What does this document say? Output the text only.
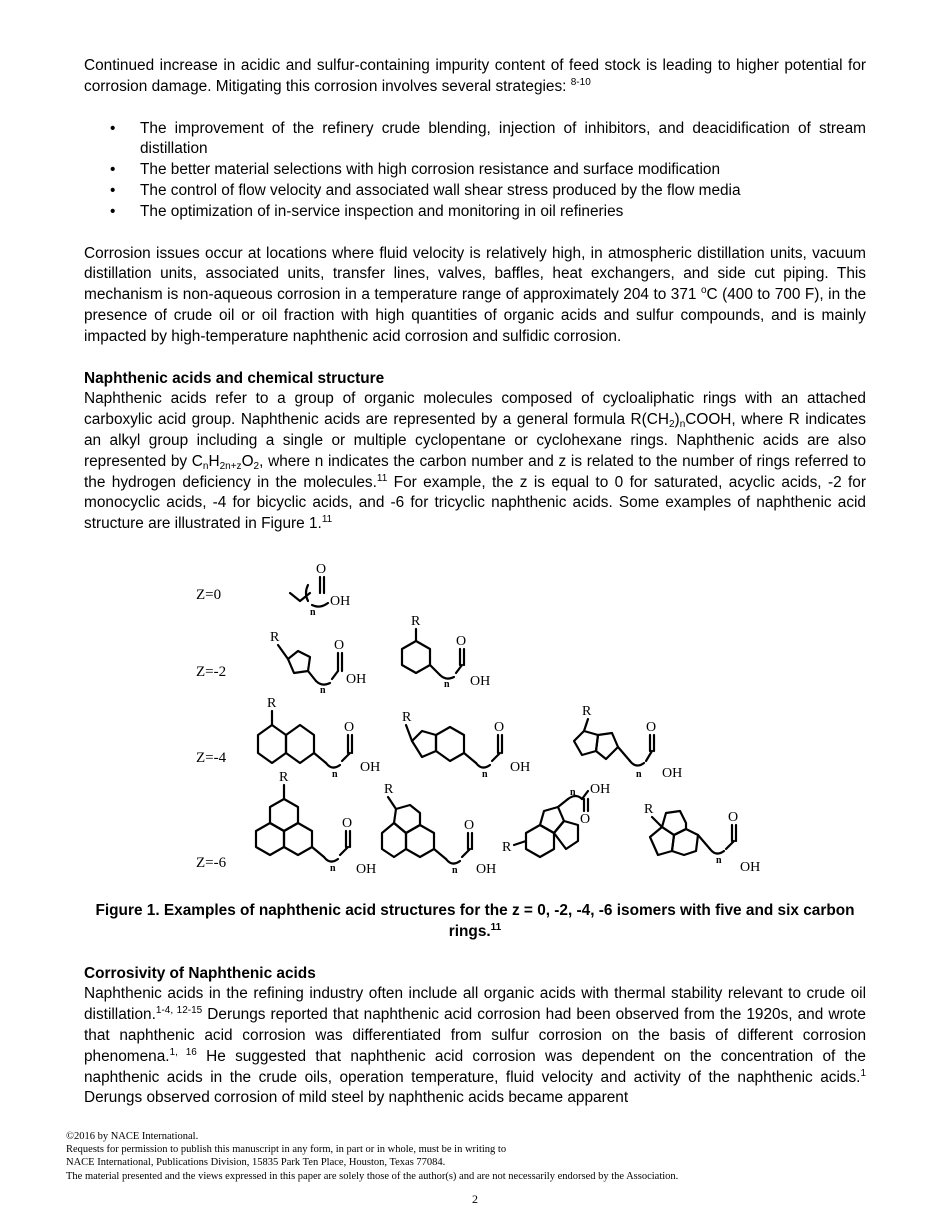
Continued increase in acidic and sulfur-containing impurity content of feed stock is leading to higher potential for corrosion damage. Mitigating this corrosion involves several strategies: $^{8-10}$

• The improvement of the refinery crude blending, injection of inhibitors, and deacidification of stream distillation
• The better material selections with high corrosion resistance and surface modification
• The control of flow velocity and associated wall shear stress produced by the flow media
• The optimization of in-service inspection and monitoring in oil refineries

Corrosion issues occur at locations where fluid velocity is relatively high, in atmospheric distillation units, vacuum distillation units, associated units, transfer lines, valves, baffles, heat exchangers, and side cut piping. This mechanism is non-aqueous corrosion in a temperature range of approximately 204 to 371 $^o$C (400 to 700 F), in the presence of crude oil or oil fraction with high quantities of organic acids and sulfur compounds, and is mainly impacted by high-temperature naphthenic acid corrosion and sulfidic corrosion.

Naphthenic acids and chemical structure

Naphthenic acids refer to a group of organic molecules composed of cycloaliphatic rings with an attached carboxylic acid group. Naphthenic acids are represented by a general formula $R(CH_2)_nCOOH$, where R indicates an alkyl group including a single or multiple cyclopentane or cyclohexane rings. Naphthenic acids are also represented by $C_nH_{2n+z}O_2$, where n indicates the carbon number and z is related to the number of rings referred to the hydrogen deficiency in the molecules.$^{11}$ For example, the z is equal to 0 for saturated, acyclic acids, -2 for monocyclic acids, -4 for bicyclic acids, and -6 for tricyclic naphthenic acids. Some examples of naphthenic acid structure are illustrated in Figure 1.11

Z=0
Z=-2
Z=-4
Z=-6
O
n
OH
R
O
n
OH
R
O
n OH
R
O
n OH
R
O
n OH
R
O
n OH
R
O
n OH
R
O
n OH
R
OH
O
n
R
O
n OH

Figure 1. Examples of naphthenic acid structures for the z = 0, -2, -4, -6 isomers with five and six carbon rings.$^{11}$

Corrosivity of Naphthenic acids

Naphthenic acids in the refining industry often include all organic acids with thermal stability relevant to crude oil distillation.$^{1-4, 12-15}$ Derungs reported that naphthenic acid corrosion had been observed from the 1920s, and wrote that naphthenic acid corrosion was differentiated from sulfur corrosion on the basis of different corrosion phenomena.$^{1, 16}$ He suggested that naphthenic acid corrosion was dependent on the concentration of the naphthenic acids in the crude oils, operation temperature, fluid velocity and activity of the naphthenic acids.$^1$ Derungs observed corrosion of mild steel by naphthenic acids became apparent

©2016 by NACE International.
Requests for permission to publish this manuscript in any form, in part or in whole, must be in writing to
NACE International, Publications Division, 15835 Park Ten Place, Houston, Texas 77084.
The material presented and the views expressed in this paper are solely those of the author(s) and are not necessarily endorsed by the Association.
2
